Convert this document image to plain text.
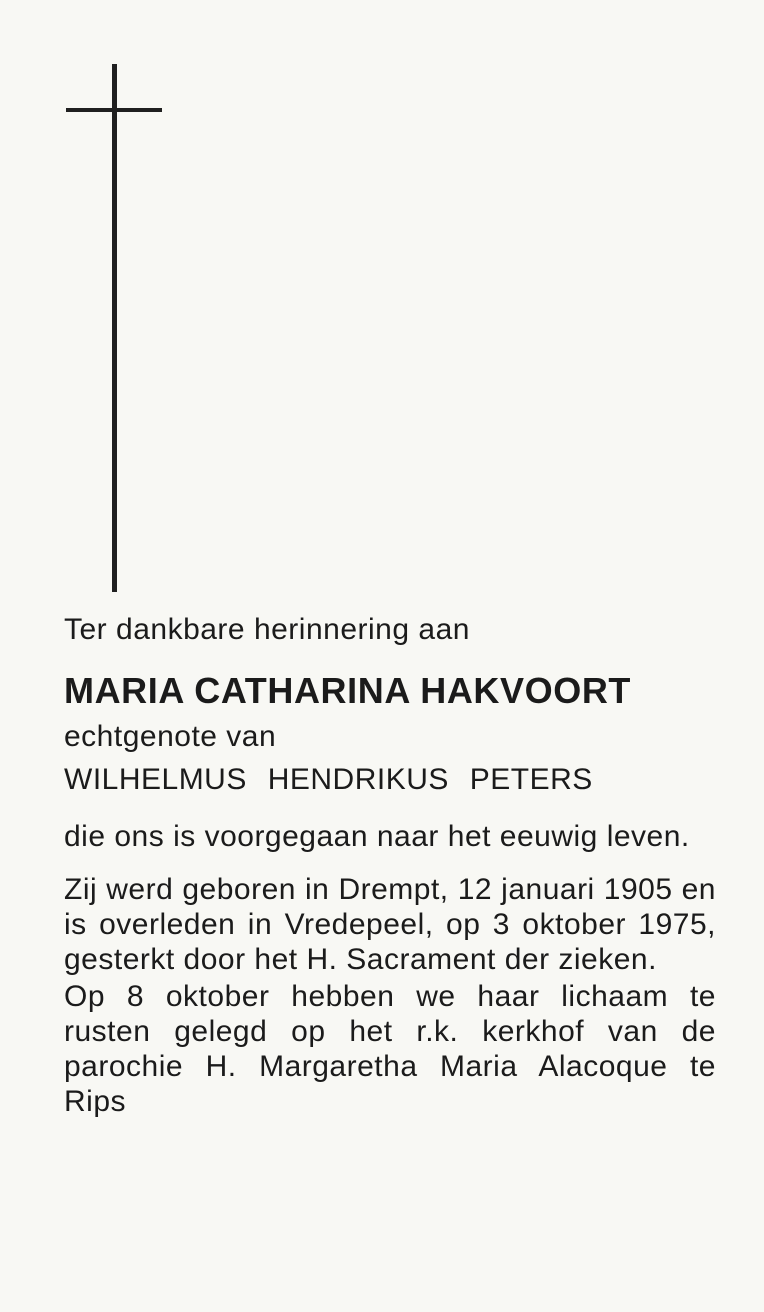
Ter dankbare herinnering aan

MARIA CATHARINA HAKVOORT

echtgenote van

WILHELMUS HENDRIKUS PETERS

die ons is voorgegaan naar het eeuwig leven.

Zij werd geboren in Drempt, 12 januari 1905 en is overleden in Vredepeel, op 3 oktober 1975, gesterkt door het H. Sacrament der zieken.

Op 8 oktober hebben we haar lichaam te rusten gelegd op het r.k. kerkhof van de parochie H. Margaretha Maria Alacoque te Rips
